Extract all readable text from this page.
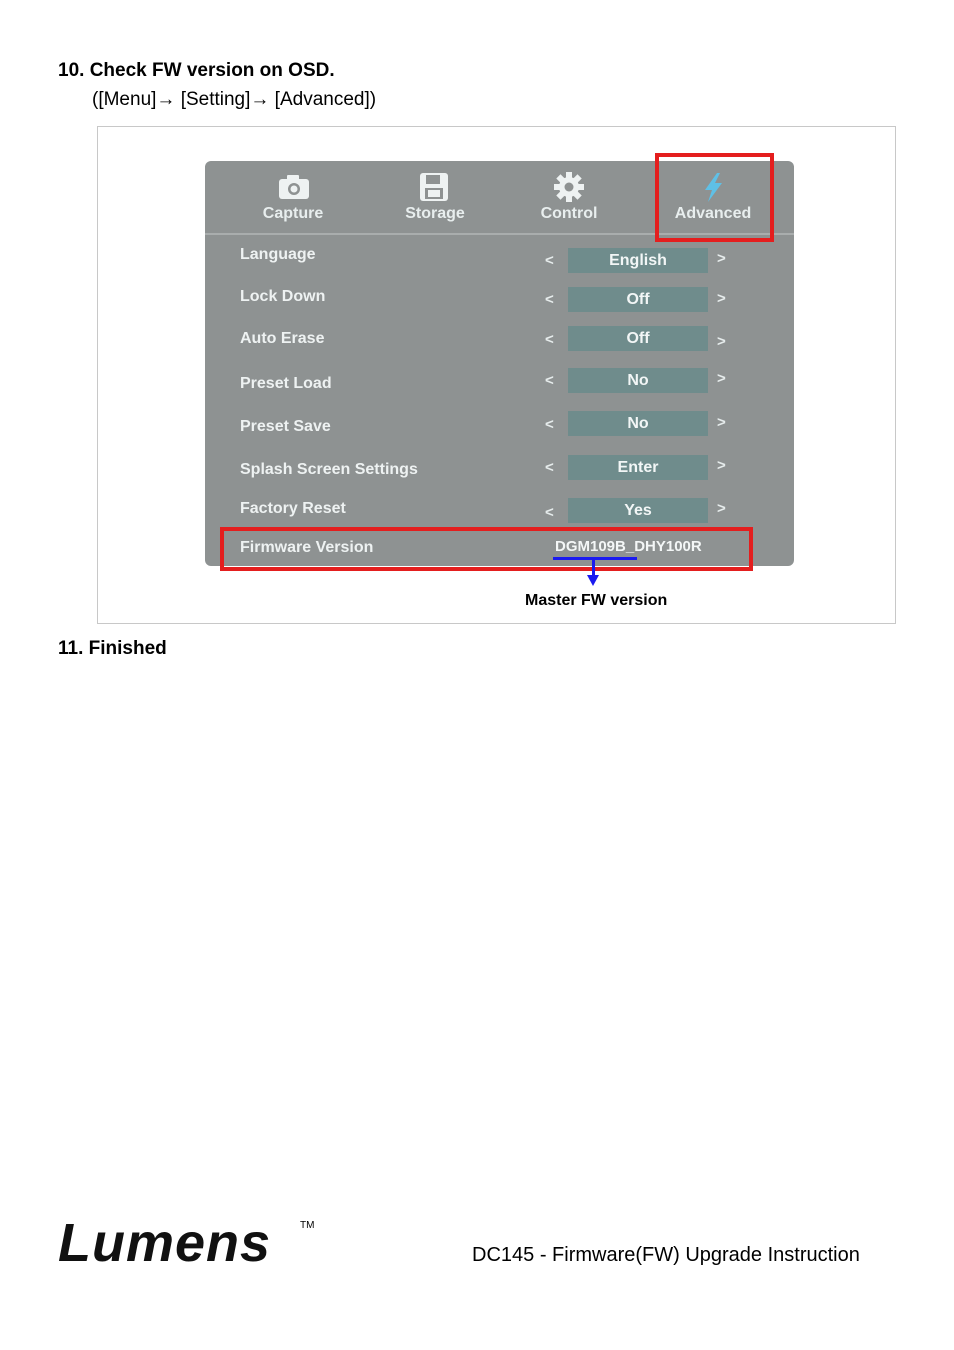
10. Check FW version on OSD.
([Menu]→ [Setting]→ [Advanced])
Capture	Storage	Control	Advanced
Language	<	English	>
Lock Down	<	Off	>
Auto Erase	<	Off	>
Preset Load	<	No	>
Preset Save	<	No	>
Splash Screen Settings	<	Enter	>
Factory Reset	<	Yes	>
Firmware Version	DGM109B_DHY100R
Master FW version
11. Finished
Lumens	TM
DC145 - Firmware(FW) Upgrade Instruction
